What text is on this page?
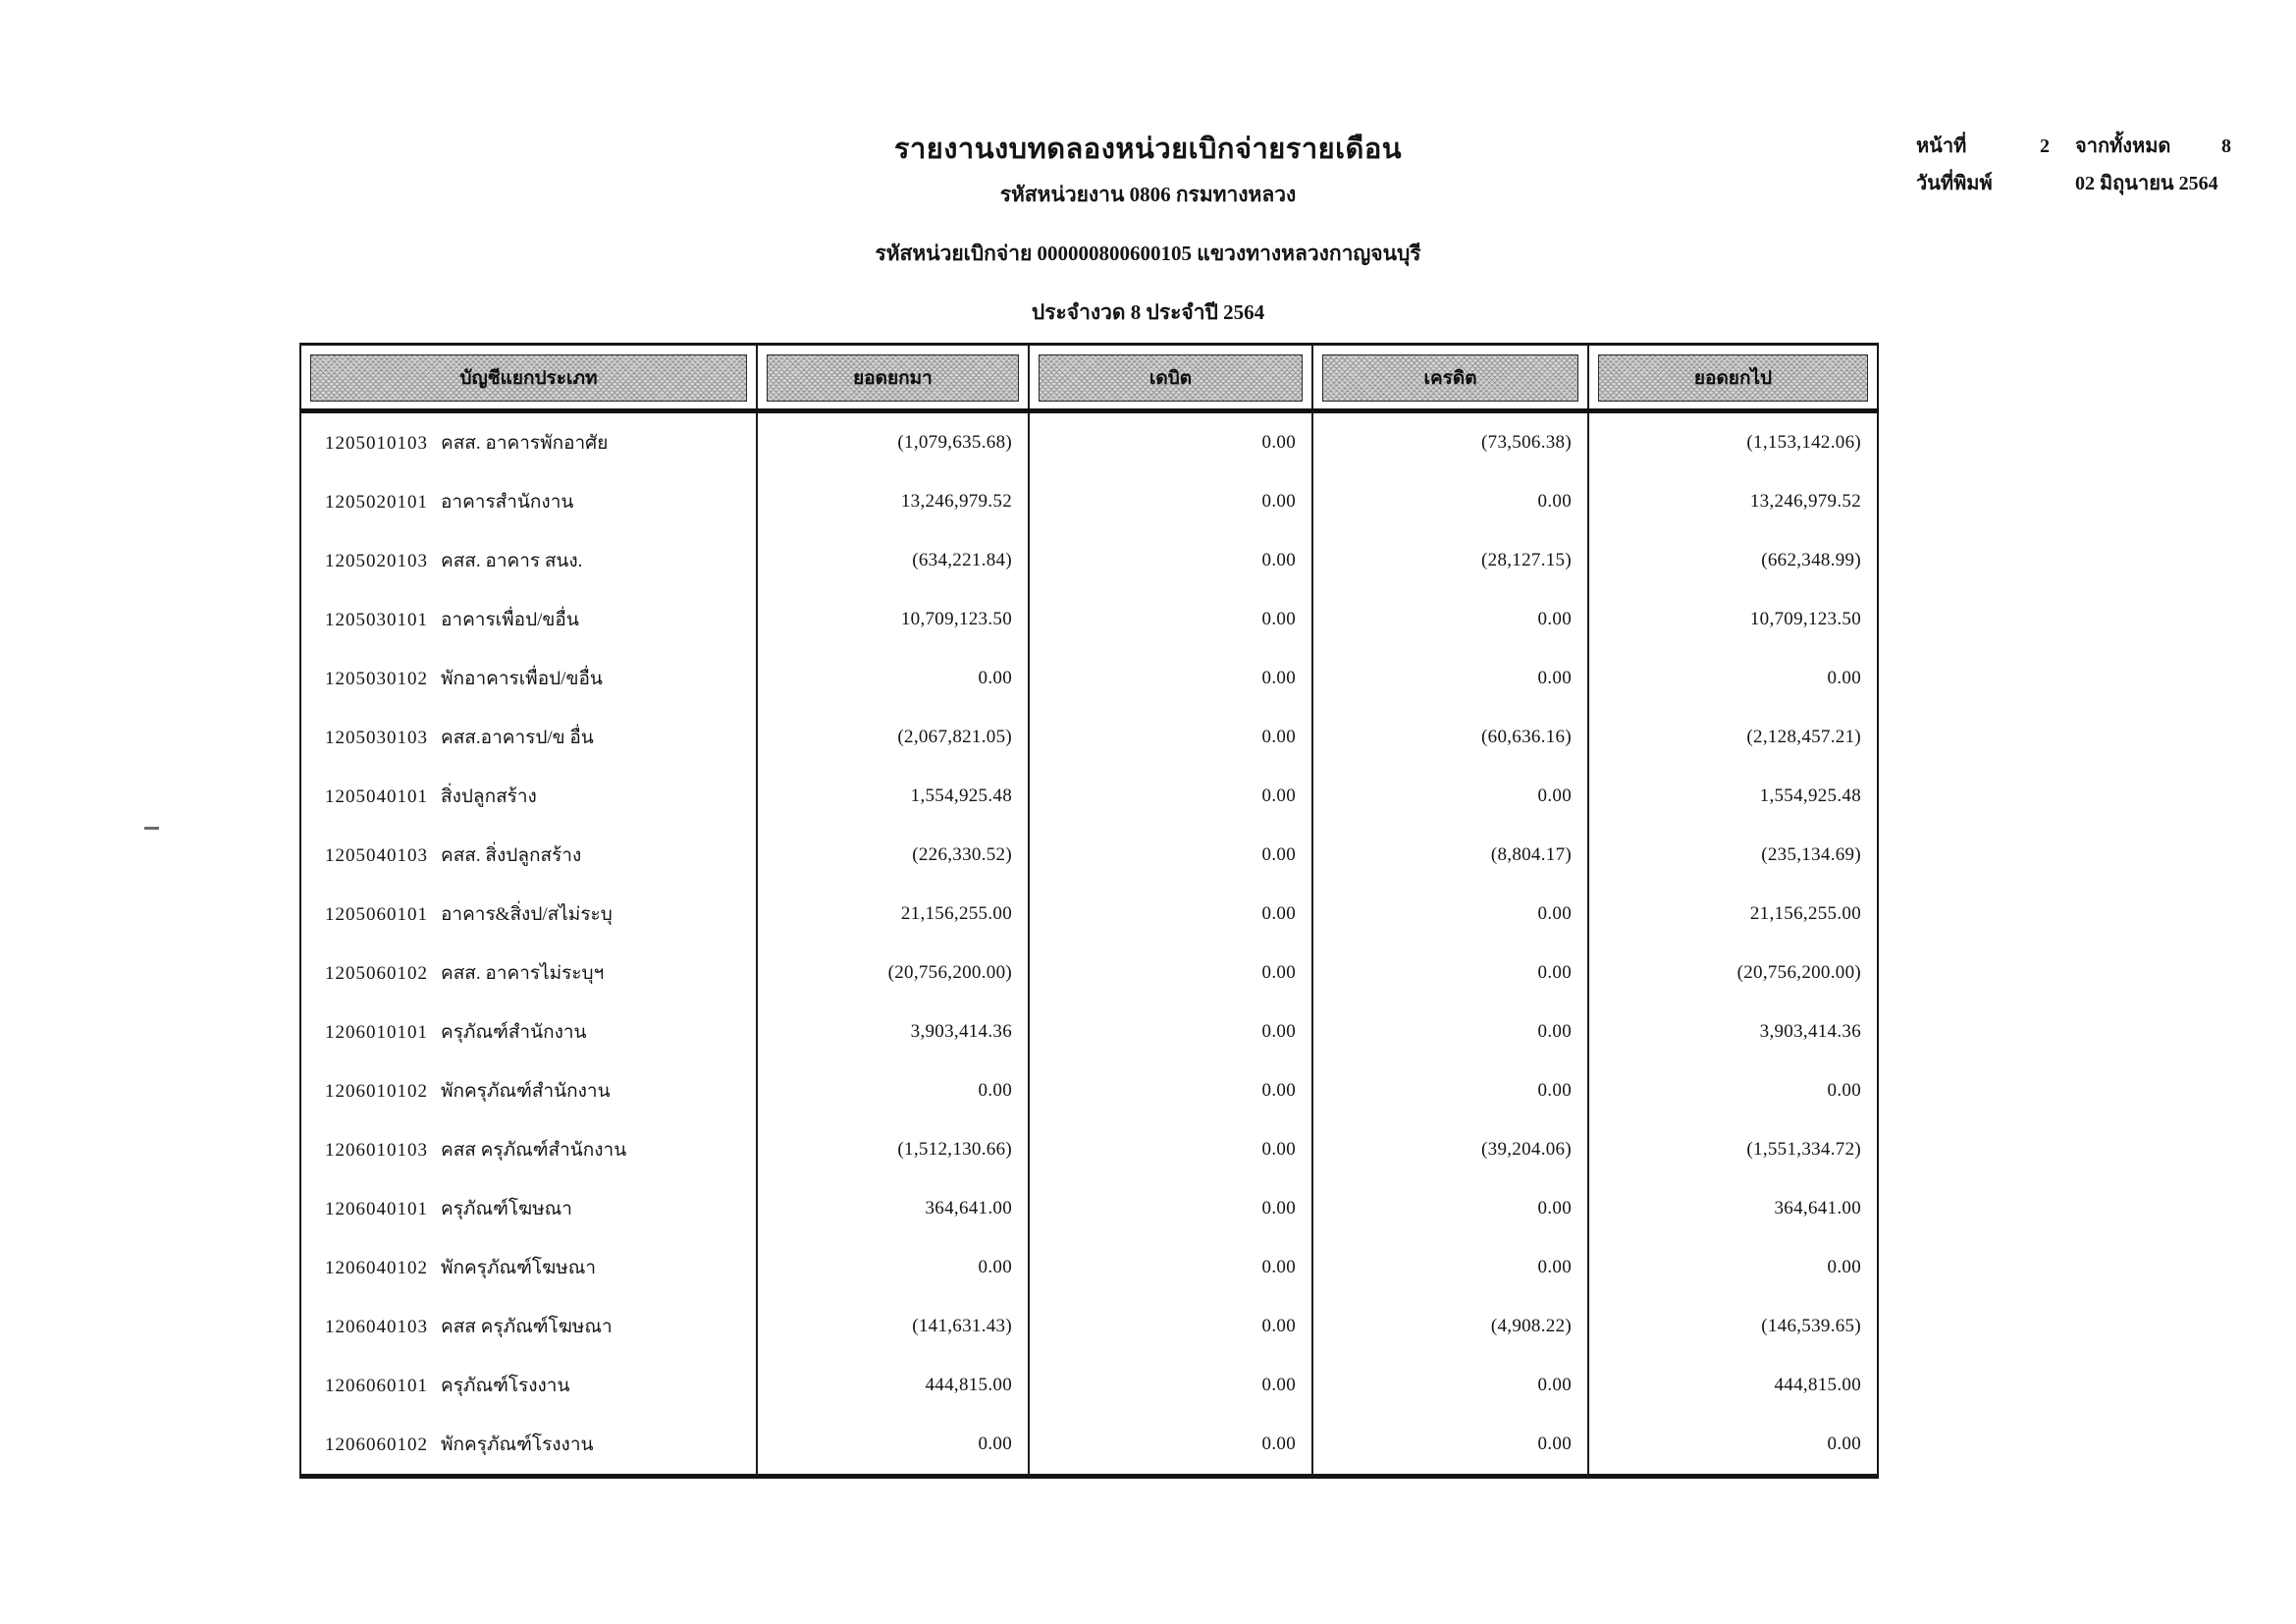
รายงานงบทดลองหน่วยเบิกจ่ายรายเดือน
รหัสหน่วยงาน 0806 กรมทางหลวง
รหัสหน่วยเบิกจ่าย 000000800600105 แขวงทางหลวงกาญจนบุรี
ประจำงวด 8 ประจำปี 2564
หน้าที่	2	จากทั้งหมด	8
วันที่พิมพ์	02 มิถุนายน 2564
บัญชีแยกประเภท	ยอดยกมา	เดบิต	เครดิต	ยอดยกไป

1205010103 คสส. อาคารพักอาศัย	(1,079,635.68)	0.00	(73,506.38)	(1,153,142.06)
1205020101 อาคารสำนักงาน	13,246,979.52	0.00	0.00	13,246,979.52
1205020103 คสส. อาคาร สนง.	(634,221.84)	0.00	(28,127.15)	(662,348.99)
1205030101 อาคารเพื่อป/ขอื่น	10,709,123.50	0.00	0.00	10,709,123.50
1205030102 พักอาคารเพื่อป/ขอื่น	0.00	0.00	0.00	0.00
1205030103 คสส.อาคารป/ข อื่น	(2,067,821.05)	0.00	(60,636.16)	(2,128,457.21)
1205040101 สิ่งปลูกสร้าง	1,554,925.48	0.00	0.00	1,554,925.48
1205040103 คสส. สิ่งปลูกสร้าง	(226,330.52)	0.00	(8,804.17)	(235,134.69)
1205060101 อาคาร&สิ่งป/สไม่ระบุ	21,156,255.00	0.00	0.00	21,156,255.00
1205060102 คสส. อาคารไม่ระบุฯ	(20,756,200.00)	0.00	0.00	(20,756,200.00)
1206010101 ครุภัณฑ์สำนักงาน	3,903,414.36	0.00	0.00	3,903,414.36
1206010102 พักครุภัณฑ์สำนักงาน	0.00	0.00	0.00	0.00
1206010103 คสส ครุภัณฑ์สำนักงาน	(1,512,130.66)	0.00	(39,204.06)	(1,551,334.72)
1206040101 ครุภัณฑ์โฆษณา	364,641.00	0.00	0.00	364,641.00
1206040102 พักครุภัณฑ์โฆษณา	0.00	0.00	0.00	0.00
1206040103 คสส ครุภัณฑ์โฆษณา	(141,631.43)	0.00	(4,908.22)	(146,539.65)
1206060101 ครุภัณฑ์โรงงาน	444,815.00	0.00	0.00	444,815.00
1206060102 พักครุภัณฑ์โรงงาน	0.00	0.00	0.00	0.00
